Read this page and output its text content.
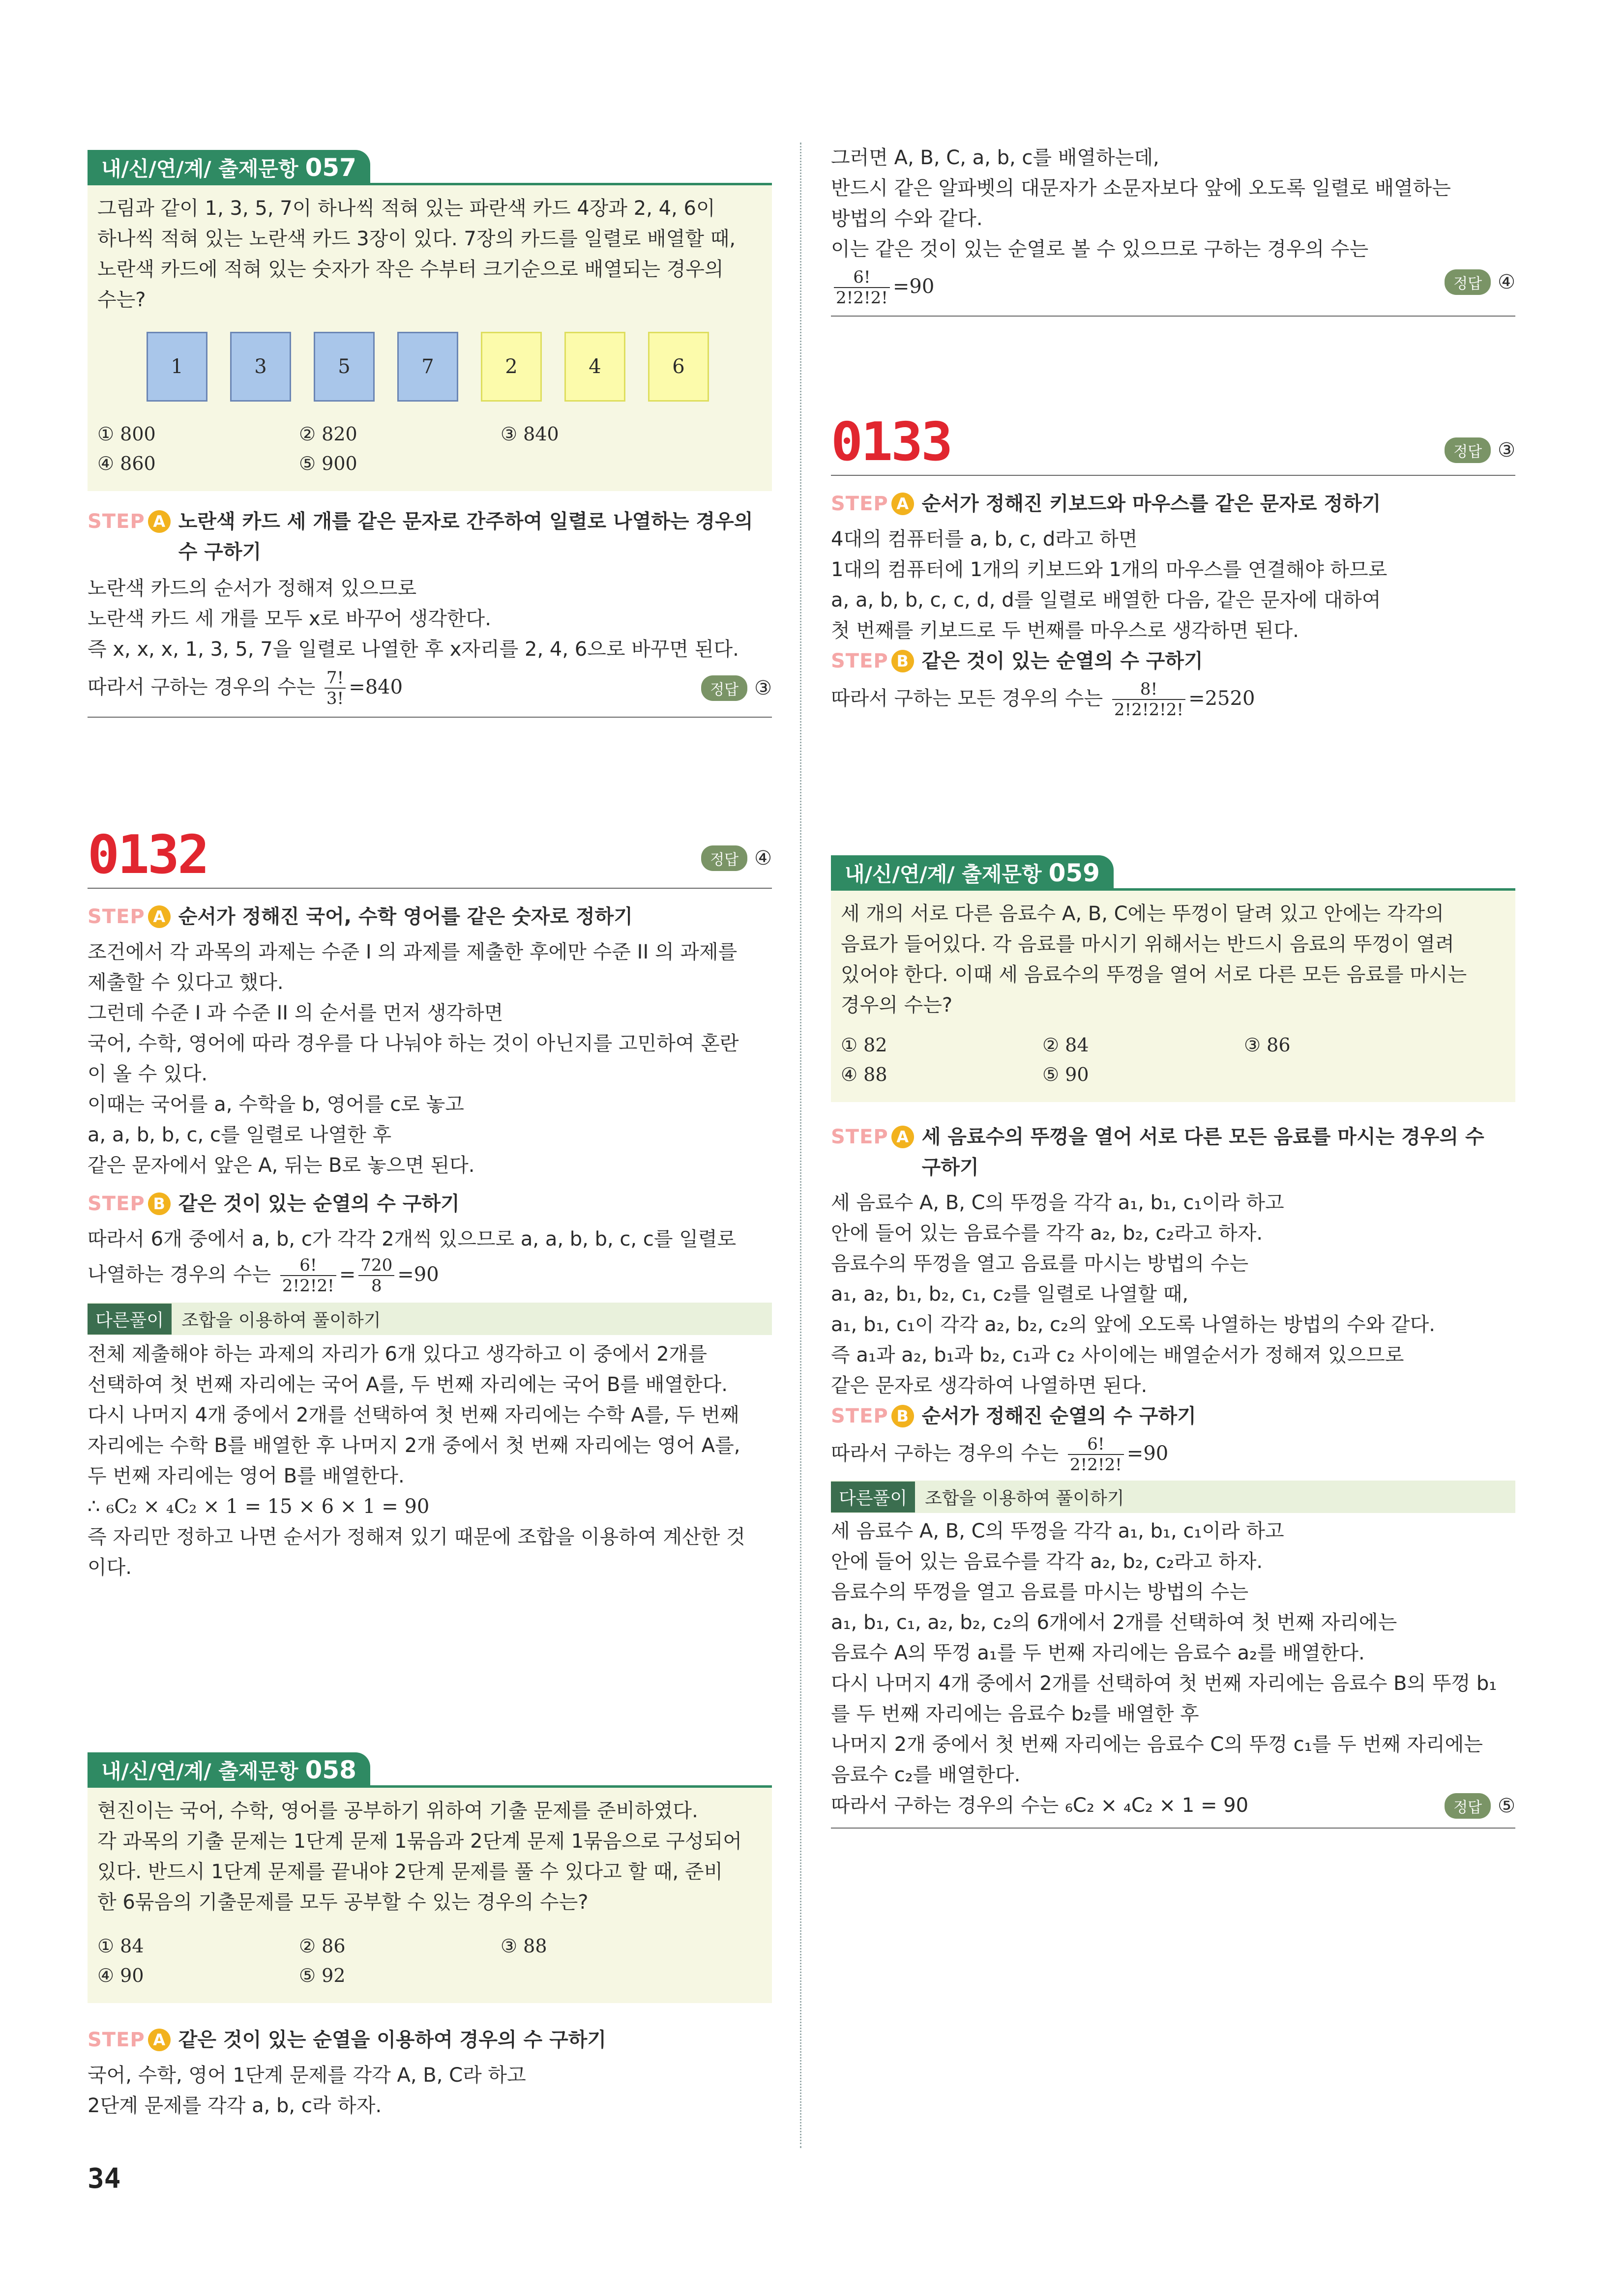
내/신/연/계/ 출제문항 057

그림과 같이 1, 3, 5, 7이 하나씩 적혀 있는 파란색 카드 4장과 2, 4, 6이

하나씩 적혀 있는 노란색 카드 3장이 있다. 7장의 카드를 일렬로 배열할 때,

노란색 카드에 적혀 있는 숫자가 작은 수부터 크기순으로 배열되는 경우의

수는?

1	3	5	7	2	4	6
① 800	② 820	③ 840
④ 860	⑤ 900
STEP A 노란색 카드 세 개를 같은 문자로 간주하여 일렬로 나열하는 경우의 수 구하기

노란색 카드의 순서가 정해져 있으므로

노란색 카드 세 개를 모두 x로 바꾸어 생각한다.

즉 x, x, x, 1, 3, 5, 7을 일렬로 나열한 후 x자리를 2, 4, 6으로 바꾸면 된다.

따라서 구하는 경우의 수는 $\frac{7!}{3!} =840$	정답 ③
0132	정답 ④
STEP A 순서가 정해진 국어, 수학 영어를 같은 숫자로 정하기

조건에서 각 과목의 과제는 수준 I 의 과제를 제출한 후에만 수준 II 의 과제를

제출할 수 있다고 했다.

그런데 수준 I 과 수준 II 의 순서를 먼저 생각하면

국어, 수학, 영어에 따라 경우를 다 나눠야 하는 것이 아닌지를 고민하여 혼란

이 올 수 있다.

이때는 국어를 a, 수학을 b, 영어를 c로 놓고

a, a, b, b, c, c를 일렬로 나열한 후

같은 문자에서 앞은 A, 뒤는 B로 놓으면 된다.

STEP B 같은 것이 있는 순열의 수 구하기

따라서 6개 중에서 a, b, c가 각각 2개씩 있으므로 a, a, b, b, c, c를 일렬로

나열하는 경우의 수는 $\frac{6!}{2!2!2!} = \frac{720}{8} =90$

다른풀이	조합을 이용하여 풀이하기

전체 제출해야 하는 과제의 자리가 6개 있다고 생각하고 이 중에서 2개를

선택하여 첫 번째 자리에는 국어 A를, 두 번째 자리에는 국어 B를 배열한다.

다시 나머지 4개 중에서 2개를 선택하여 첫 번째 자리에는 수학 A를, 두 번째

자리에는 수학 B를 배열한 후 나머지 2개 중에서 첫 번째 자리에는 영어 A를,

두 번째 자리에는 영어 B를 배열한다.

∴ ₆C₂ × ₄C₂ × 1 = 15 × 6 × 1 = 90

즉 자리만 정하고 나면 순서가 정해져 있기 때문에 조합을 이용하여 계산한 것

이다.

내/신/연/계/ 출제문항 058

현진이는 국어, 수학, 영어를 공부하기 위하여 기출 문제를 준비하였다.

각 과목의 기출 문제는 1단계 문제 1묶음과 2단계 문제 1묶음으로 구성되어

있다. 반드시 1단계 문제를 끝내야 2단계 문제를 풀 수 있다고 할 때, 준비

한 6묶음의 기출문제를 모두 공부할 수 있는 경우의 수는?

① 84	② 86	③ 88
④ 90	⑤ 92
STEP A 같은 것이 있는 순열을 이용하여 경우의 수 구하기

국어, 수학, 영어 1단계 문제를 각각 A, B, C라 하고

2단계 문제를 각각 a, b, c라 하자.

그러면 A, B, C, a, b, c를 배열하는데,

반드시 같은 알파벳의 대문자가 소문자보다 앞에 오도록 일렬로 배열하는

방법의 수와 같다.

이는 같은 것이 있는 순열로 볼 수 있으므로 구하는 경우의 수는

$\frac{6!}{2!2!2!} =90$	정답 ④
0133	정답 ③
STEP A 순서가 정해진 키보드와 마우스를 같은 문자로 정하기

4대의 컴퓨터를 a, b, c, d라고 하면

1대의 컴퓨터에 1개의 키보드와 1개의 마우스를 연결해야 하므로

a, a, b, b, c, c, d, d를 일렬로 배열한 다음, 같은 문자에 대하여

첫 번째를 키보드로 두 번째를 마우스로 생각하면 된다.

STEP B 같은 것이 있는 순열의 수 구하기

따라서 구하는 모든 경우의 수는 $\frac{8!}{2!2!2!2!} =2520$

내/신/연/계/ 출제문항 059

세 개의 서로 다른 음료수 A, B, C에는 뚜껑이 달려 있고 안에는 각각의

음료가 들어있다. 각 음료를 마시기 위해서는 반드시 음료의 뚜껑이 열려

있어야 한다. 이때 세 음료수의 뚜껑을 열어 서로 다른 모든 음료를 마시는

경우의 수는?

① 82	② 84	③ 86
④ 88	⑤ 90
STEP A 세 음료수의 뚜껑을 열어 서로 다른 모든 음료를 마시는 경우의 수 구하기

세 음료수 A, B, C의 뚜껑을 각각 a₁, b₁, c₁이라 하고

안에 들어 있는 음료수를 각각 a₂, b₂, c₂라고 하자.

음료수의 뚜껑을 열고 음료를 마시는 방법의 수는

a₁, a₂, b₁, b₂, c₁, c₂를 일렬로 나열할 때,

a₁, b₁, c₁이 각각 a₂, b₂, c₂의 앞에 오도록 나열하는 방법의 수와 같다.

즉 a₁과 a₂, b₁과 b₂, c₁과 c₂ 사이에는 배열순서가 정해져 있으므로

같은 문자로 생각하여 나열하면 된다.

STEP B 순서가 정해진 순열의 수 구하기

따라서 구하는 경우의 수는 $\frac{6!}{2!2!2!} =90$

다른풀이	조합을 이용하여 풀이하기

세 음료수 A, B, C의 뚜껑을 각각 a₁, b₁, c₁이라 하고

안에 들어 있는 음료수를 각각 a₂, b₂, c₂라고 하자.

음료수의 뚜껑을 열고 음료를 마시는 방법의 수는

a₁, b₁, c₁, a₂, b₂, c₂의 6개에서 2개를 선택하여 첫 번째 자리에는

음료수 A의 뚜껑 a₁를 두 번째 자리에는 음료수 a₂를 배열한다.

다시 나머지 4개 중에서 2개를 선택하여 첫 번째 자리에는 음료수 B의 뚜껑 b₁

를 두 번째 자리에는 음료수 b₂를 배열한 후

나머지 2개 중에서 첫 번째 자리에는 음료수 C의 뚜껑 c₁를 두 번째 자리에는

음료수 c₂를 배열한다.

따라서 구하는 경우의 수는 ₆C₂ × ₄C₂ × 1 = 90	정답 ⑤
34
